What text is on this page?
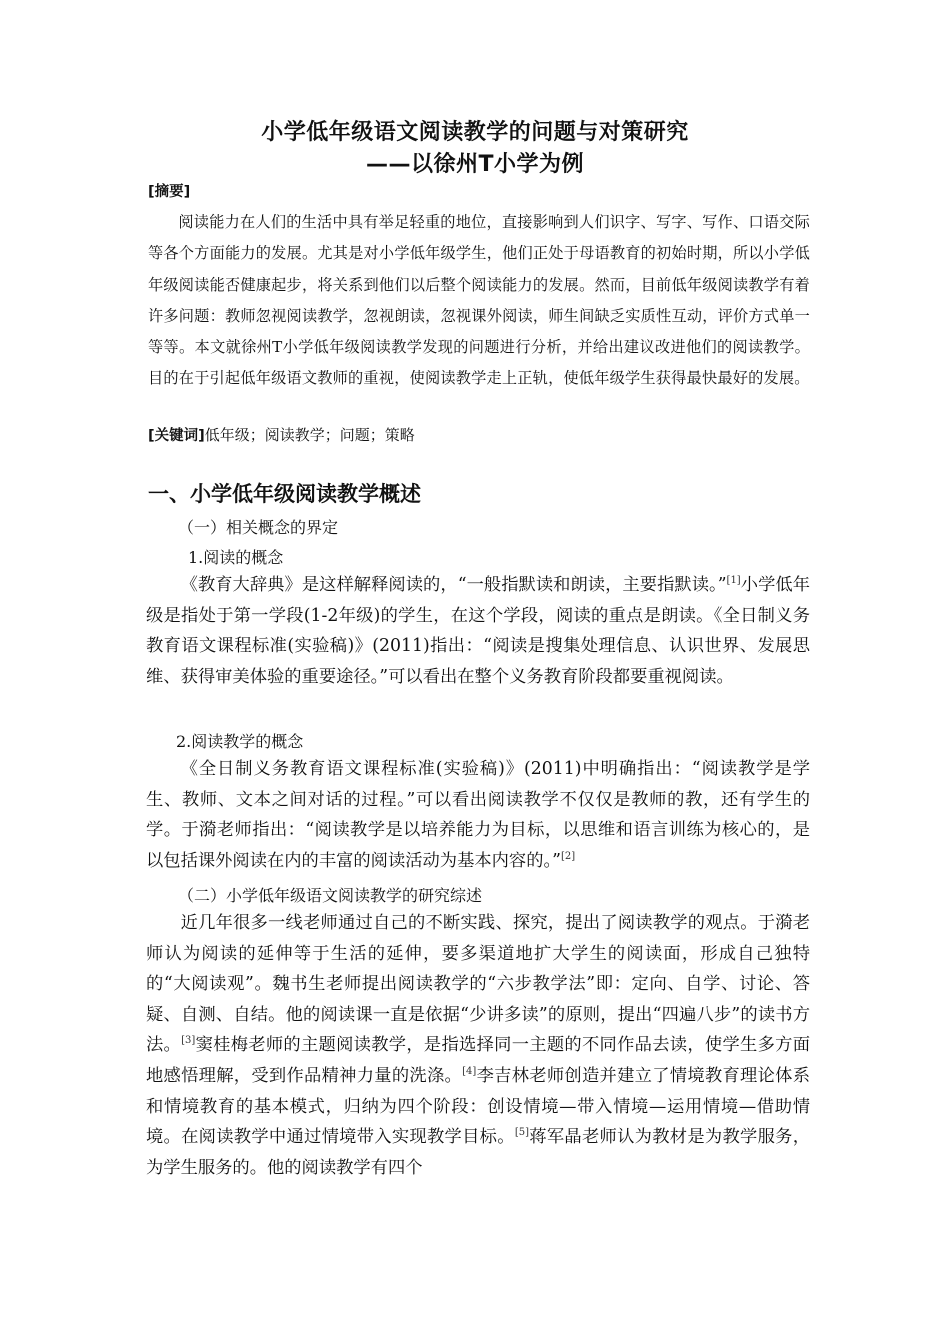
小学低年级语文阅读教学的问题与对策研究
——以徐州T小学为例
[摘要]
阅读能力在人们的生活中具有举足轻重的地位，直接影响到人们识字、写字、写作、口语交际等各个方面能力的发展。尤其是对小学低年级学生，他们正处于母语教育的初始时期，所以小学低年级阅读能否健康起步，将关系到他们以后整个阅读能力的发展。然而，目前低年级阅读教学有着许多问题：教师忽视阅读教学，忽视朗读，忽视课外阅读，师生间缺乏实质性互动，评价方式单一等等。本文就徐州T小学低年级阅读教学发现的问题进行分析，并给出建议改进他们的阅读教学。目的在于引起低年级语文教师的重视，使阅读教学走上正轨，使低年级学生获得最快最好的发展。
[关键词]低年级；阅读教学；问题；策略
一、小学低年级阅读教学概述
（一）相关概念的界定
1.阅读的概念
《教育大辞典》是这样解释阅读的，“一般指默读和朗读，主要指默读。”[1]小学低年级是指处于第一学段(1-2年级)的学生，在这个学段，阅读的重点是朗读。《全日制义务教育语文课程标准(实验稿)》(2011)指出：“阅读是搜集处理信息、认识世界、发展思维、获得审美体验的重要途径。”可以看出在整个义务教育阶段都要重视阅读。
2.阅读教学的概念
《全日制义务教育语文课程标准(实验稿)》(2011)中明确指出：“阅读教学是学生、教师、文本之间对话的过程。”可以看出阅读教学不仅仅是教师的教，还有学生的学。于漪老师指出：“阅读教学是以培养能力为目标，以思维和语言训练为核心的，是以包括课外阅读在内的丰富的阅读活动为基本内容的。”[2]
（二）小学低年级语文阅读教学的研究综述
近几年很多一线老师通过自己的不断实践、探究，提出了阅读教学的观点。于漪老师认为阅读的延伸等于生活的延伸，要多渠道地扩大学生的阅读面，形成自己独特的“大阅读观”。魏书生老师提出阅读教学的“六步教学法”即：定向、自学、讨论、答疑、自测、自结。他的阅读课一直是依据“少讲多读”的原则，提出“四遍八步”的读书方法。[3]窦桂梅老师的主题阅读教学，是指选择同一主题的不同作品去读，使学生多方面地感悟理解，受到作品精神力量的洗涤。[4]李吉林老师创造并建立了情境教育理论体系和情境教育的基本模式，归纳为四个阶段：创设情境—带入情境—运用情境—借助情境。在阅读教学中通过情境带入实现教学目标。[5]蒋军晶老师认为教材是为教学服务，为学生服务的。他的阅读教学有四个
